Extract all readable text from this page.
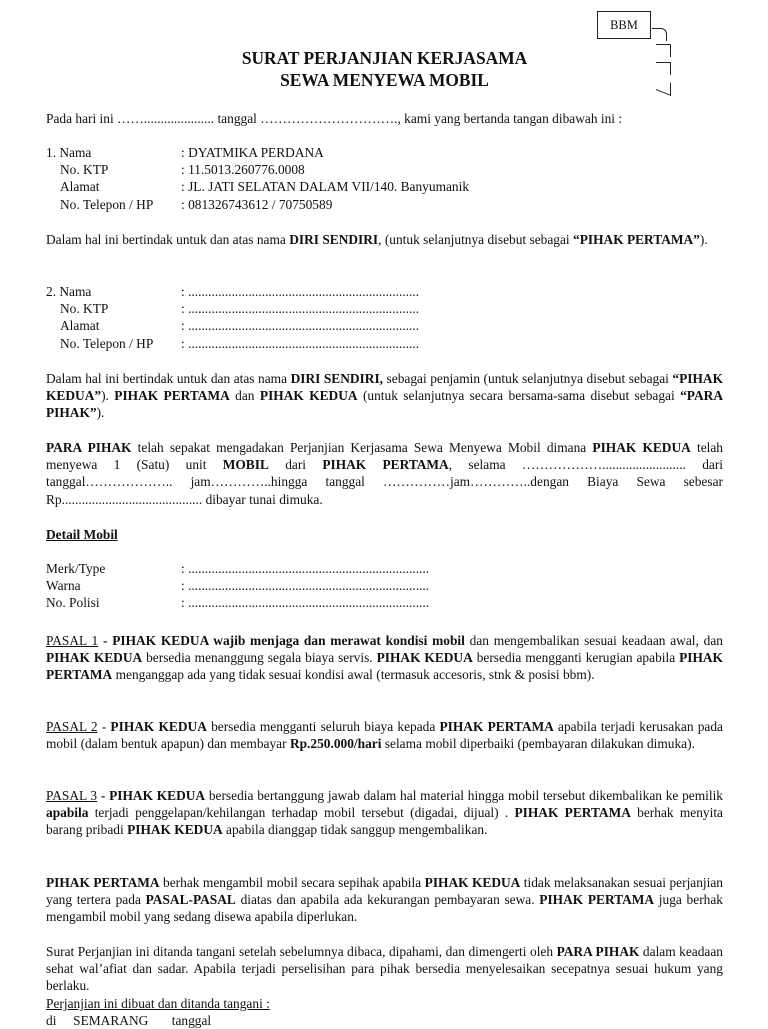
BBM
SURAT PERJANJIAN KERJASAMA
SEWA MENYEWA MOBIL
Pada hari ini ……..................... tanggal …………………………., kami yang bertanda tangan dibawah ini :
1. Nama	: DYATMIKA PERDANA
No. KTP	: 11.5013.260776.0008
Alamat	: JL. JATI SELATAN DALAM VII/140. Banyumanik
No. Telepon / HP	: 081326743612 / 70750589
Dalam hal ini bertindak untuk dan atas nama DIRI SENDIRI, (untuk selanjutnya disebut sebagai “PIHAK PERTAMA”).
2. Nama	: .....................................................................
No. KTP	: .....................................................................
Alamat	: .....................................................................
No. Telepon / HP	: .....................................................................
Dalam hal ini bertindak untuk dan atas nama DIRI SENDIRI, sebagai penjamin (untuk selanjutnya disebut sebagai “PIHAK KEDUA”). PIHAK PERTAMA dan PIHAK KEDUA (untuk selanjutnya secara bersama-sama disebut sebagai “PARA PIHAK”).
PARA PIHAK telah sepakat mengadakan Perjanjian Kerjasama Sewa Menyewa Mobil dimana PIHAK KEDUA telah menyewa 1 (Satu) unit MOBIL dari PIHAK PERTAMA, selama ………………......................... dari tanggal……………….. jam…………..hingga tanggal ……………jam…………..dengan Biaya Sewa sebesar Rp.......................................... dibayar tunai dimuka.
Detail Mobil
Merk/Type	: ........................................................................
Warna	: ........................................................................
No. Polisi	: ........................................................................
PASAL 1 - PIHAK KEDUA wajib menjaga dan merawat kondisi mobil dan mengembalikan sesuai keadaan awal, dan PIHAK KEDUA bersedia menanggung segala biaya servis. PIHAK KEDUA bersedia mengganti kerugian apabila PIHAK PERTAMA menganggap ada yang tidak sesuai kondisi awal (termasuk accesoris, stnk & posisi bbm).
PASAL 2 - PIHAK KEDUA bersedia mengganti seluruh biaya kepada PIHAK PERTAMA apabila terjadi kerusakan pada mobil (dalam bentuk apapun) dan membayar Rp.250.000/hari selama mobil diperbaiki (pembayaran dilakukan dimuka).
PASAL 3 - PIHAK KEDUA bersedia bertanggung jawab dalam hal material hingga mobil tersebut dikembalikan ke pemilik apabila terjadi penggelapan/kehilangan terhadap mobil tersebut (digadai, dijual) . PIHAK PERTAMA berhak menyita barang pribadi PIHAK KEDUA apabila dianggap tidak sanggup mengembalikan.
PIHAK PERTAMA berhak mengambil mobil secara sepihak apabila PIHAK KEDUA tidak melaksanakan sesuai perjanjian yang tertera pada PASAL-PASAL diatas dan apabila ada kekurangan pembayaran sewa. PIHAK PERTAMA juga berhak mengambil mobil yang sedang disewa apabila diperlukan.
Surat Perjanjian ini ditanda tangani setelah sebelumnya dibaca, dipahami, dan dimengerti oleh PARA PIHAK dalam keadaan sehat wal’afiat dan sadar. Apabila terjadi perselisihan para pihak bersedia menyelesaikan secepatnya sesuai hukum yang berlaku.
Perjanjian ini dibuat dan ditanda tangani :
di     SEMARANG       tanggal
